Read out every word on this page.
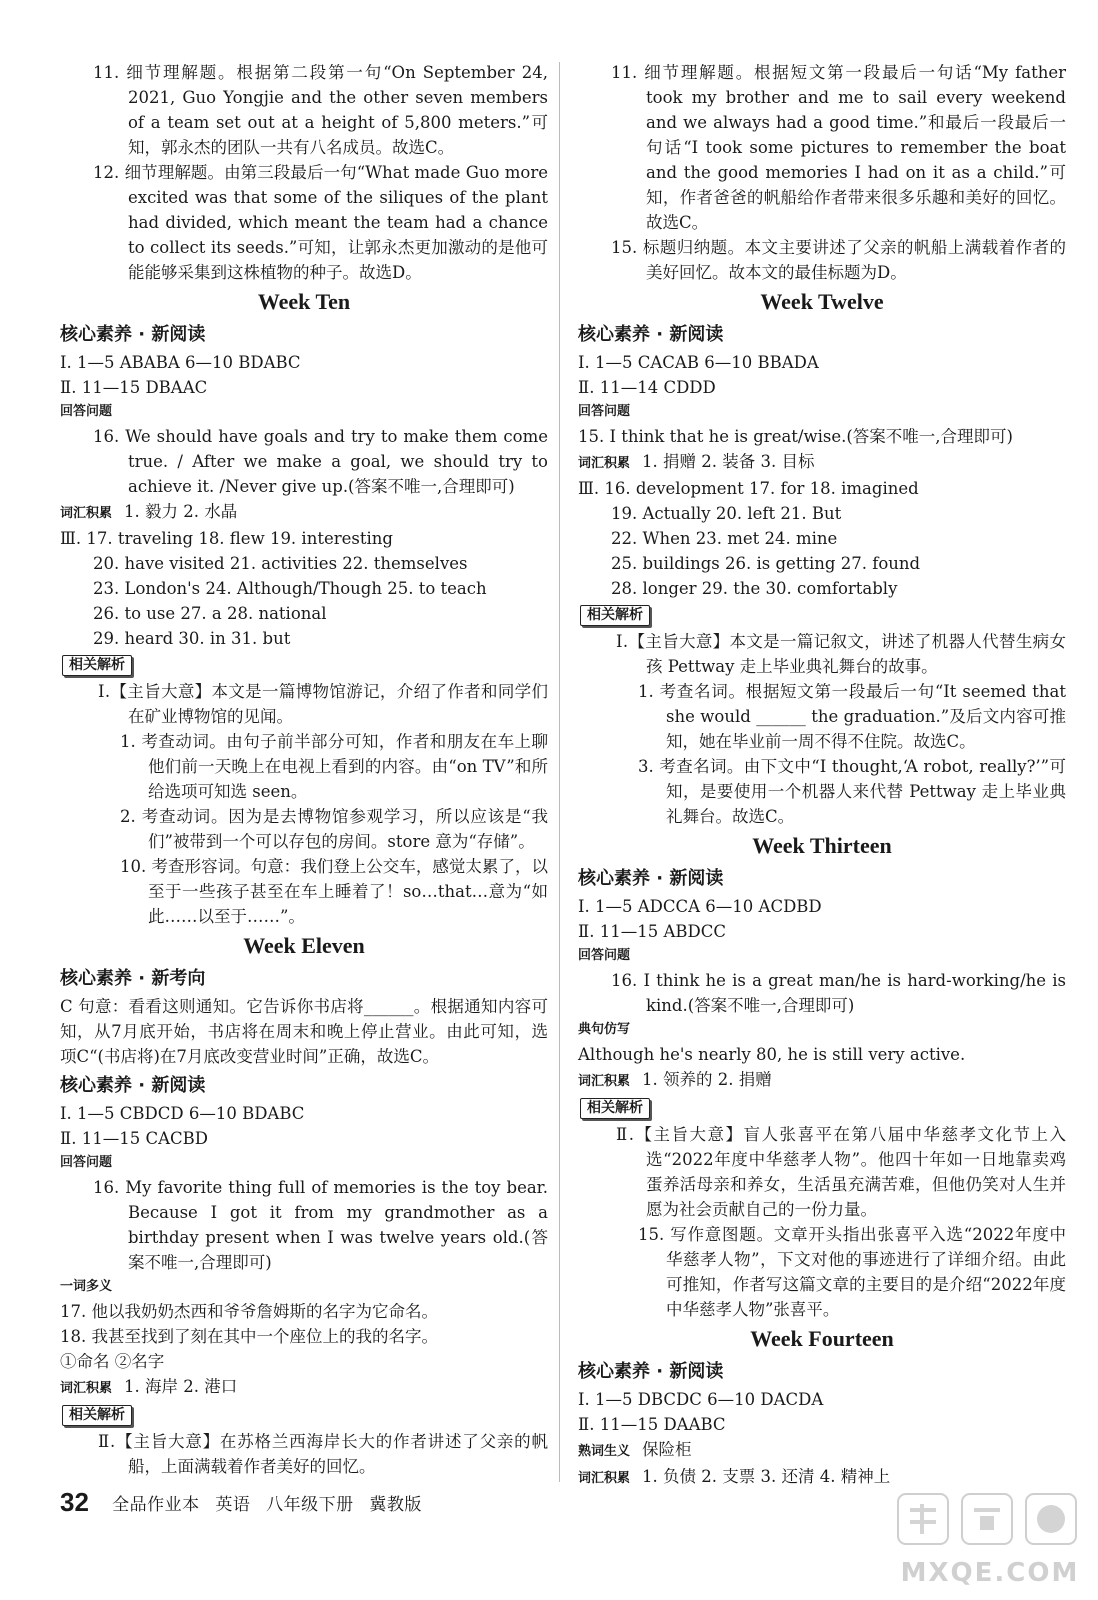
11. 细节理解题。根据第二段第一句“On September 24, 2021, Guo Yongjie and the other seven members of a team set out at a height of 5,800 meters.”可知，郭永杰的团队一共有八名成员。故选C。
12. 细节理解题。由第三段最后一句“What made Guo more excited was that some of the siliques of the plant had divided, which meant the team had a chance to collect its seeds.”可知，让郭永杰更加激动的是他可能能够采集到这株植物的种子。故选D。
Week Ten
核心素养 · 新阅读
Ⅰ. 1—5 ABABA 6—10 BDABC
Ⅱ. 11—15 DBAAC
回答问题
16. We should have goals and try to make them come true. / After we make a goal, we should try to achieve it. /Never give up.(答案不唯一,合理即可)
词汇积累 1. 毅力 2. 水晶
Ⅲ. 17. traveling 18. flew 19. interesting
20. have visited 21. activities 22. themselves
23. London's 24. Although/Though 25. to teach
26. to use 27. a 28. national
29. heard 30. in 31. but
相关解析
Ⅰ.【主旨大意】本文是一篇博物馆游记，介绍了作者和同学们在矿业博物馆的见闻。
1. 考查动词。由句子前半部分可知，作者和朋友在车上聊他们前一天晚上在电视上看到的内容。由“on TV”和所给选项可知选 seen。
2. 考查动词。因为是去博物馆参观学习，所以应该是“我们”被带到一个可以存包的房间。store 意为“存储”。
10. 考查形容词。句意：我们登上公交车，感觉太累了，以至于一些孩子甚至在车上睡着了！so…that…意为“如此……以至于……”。
Week Eleven
核心素养 · 新考向
C 句意：看看这则通知。它告诉你书店将______。根据通知内容可知，从7月底开始，书店将在周末和晚上停止营业。由此可知，选项C“(书店将)在7月底改变营业时间”正确，故选C。
核心素养 · 新阅读
Ⅰ. 1—5 CBDCD 6—10 BDABC
Ⅱ. 11—15 CACBD
回答问题
16. My favorite thing full of memories is the toy bear. Because I got it from my grandmother as a birthday present when I was twelve years old.(答案不唯一,合理即可)
一词多义
17. 他以我奶奶杰西和爷爷詹姆斯的名字为它命名。
18. 我甚至找到了刻在其中一个座位上的我的名字。
①命名 ②名字
词汇积累 1. 海岸 2. 港口
相关解析
Ⅱ.【主旨大意】在苏格兰西海岸长大的作者讲述了父亲的帆船，上面满载着作者美好的回忆。
11. 细节理解题。根据短文第一段最后一句话“My father took my brother and me to sail every weekend and we always had a good time.”和最后一段最后一句话“I took some pictures to remember the boat and the good memories I had on it as a child.”可知，作者爸爸的帆船给作者带来很多乐趣和美好的回忆。故选C。
15. 标题归纳题。本文主要讲述了父亲的帆船上满载着作者的美好回忆。故本文的最佳标题为D。
Week Twelve
核心素养 · 新阅读
Ⅰ. 1—5 CACAB 6—10 BBADA
Ⅱ. 11—14 CDDD
回答问题
15. I think that he is great/wise.(答案不唯一,合理即可)
词汇积累 1. 捐赠 2. 装备 3. 目标
Ⅲ. 16. development 17. for 18. imagined
19. Actually 20. left 21. But
22. When 23. met 24. mine
25. buildings 26. is getting 27. found
28. longer 29. the 30. comfortably
相关解析
Ⅰ.【主旨大意】本文是一篇记叙文，讲述了机器人代替生病女孩 Pettway 走上毕业典礼舞台的故事。
1. 考查名词。根据短文第一段最后一句“It seemed that she would ______ the graduation.”及后文内容可推知，她在毕业前一周不得不住院。故选C。
3. 考查名词。由下文中“I thought,‘A robot, really?’”可知，是要使用一个机器人来代替 Pettway 走上毕业典礼舞台。故选C。
Week Thirteen
核心素养 · 新阅读
Ⅰ. 1—5 ADCCA 6—10 ACDBD
Ⅱ. 11—15 ABDCC
回答问题
16. I think he is a great man/he is hard-working/he is kind.(答案不唯一,合理即可)
典句仿写
Although he's nearly 80, he is still very active.
词汇积累 1. 领养的 2. 捐赠
相关解析
Ⅱ.【主旨大意】盲人张喜平在第八届中华慈孝文化节上入选“2022年度中华慈孝人物”。他四十年如一日地靠卖鸡蛋养活母亲和养女，生活虽充满苦难，但他仍笑对人生并愿为社会贡献自己的一份力量。
15. 写作意图题。文章开头指出张喜平入选“2022年度中华慈孝人物”，下文对他的事迹进行了详细介绍。由此可推知，作者写这篇文章的主要目的是介绍“2022年度中华慈孝人物”张喜平。
Week Fourteen
核心素养 · 新阅读
Ⅰ. 1—5 DBCDC 6—10 DACDA
Ⅱ. 11—15 DAABC
熟词生义 保险柜
词汇积累 1. 负债 2. 支票 3. 还清 4. 精神上
32 全品作业本 英语 八年级下册 冀教版
MXQE.COM
